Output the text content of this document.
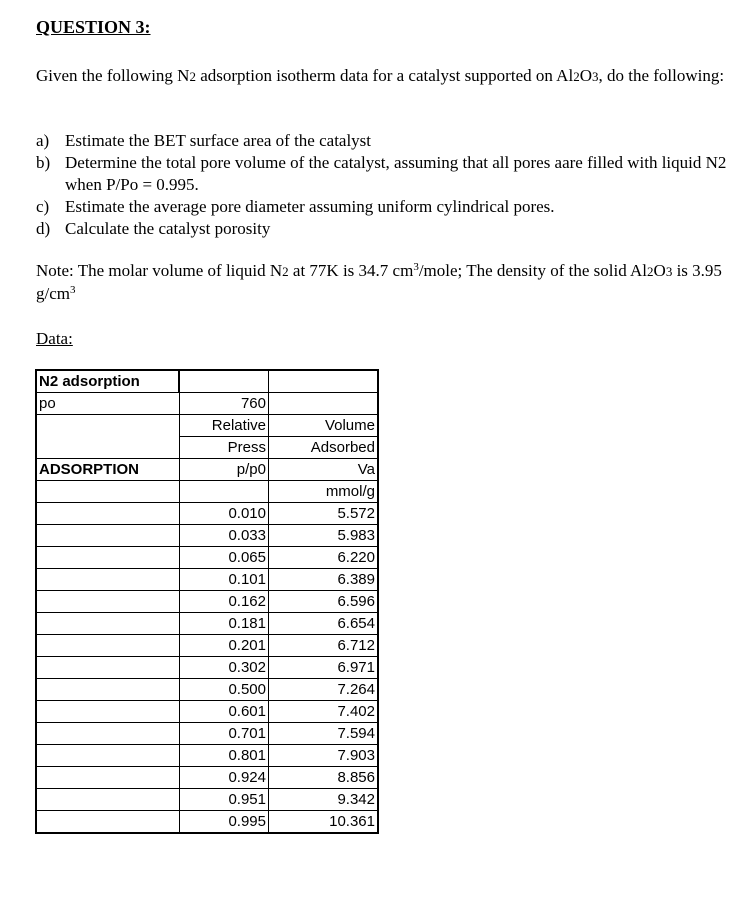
QUESTION 3:
Given the following N2 adsorption isotherm data for a catalyst supported on Al2O3, do the following:
a) Estimate the BET surface area of the catalyst
b) Determine the total pore volume of the catalyst, assuming that all pores aare filled with liquid N2 when P/Po = 0.995.
c) Estimate the average pore diameter assuming uniform cylindrical pores.
d) Calculate the catalyst porosity
Note: The molar volume of liquid N2 at 77K is 34.7 $cm^3$/mole; The density of the solid Al2O3 is 3.95 $g/cm^3$
Data:
N2 adsorption		
po	760	
	Relative	Volume
	Press	Adsorbed
ADSORPTION	p/p0	Va
		mmol/g
	0.010	5.572
	0.033	5.983
	0.065	6.220
	0.101	6.389
	0.162	6.596
	0.181	6.654
	0.201	6.712
	0.302	6.971
	0.500	7.264
	0.601	7.402
	0.701	7.594
	0.801	7.903
	0.924	8.856
	0.951	9.342
	0.995	10.361
